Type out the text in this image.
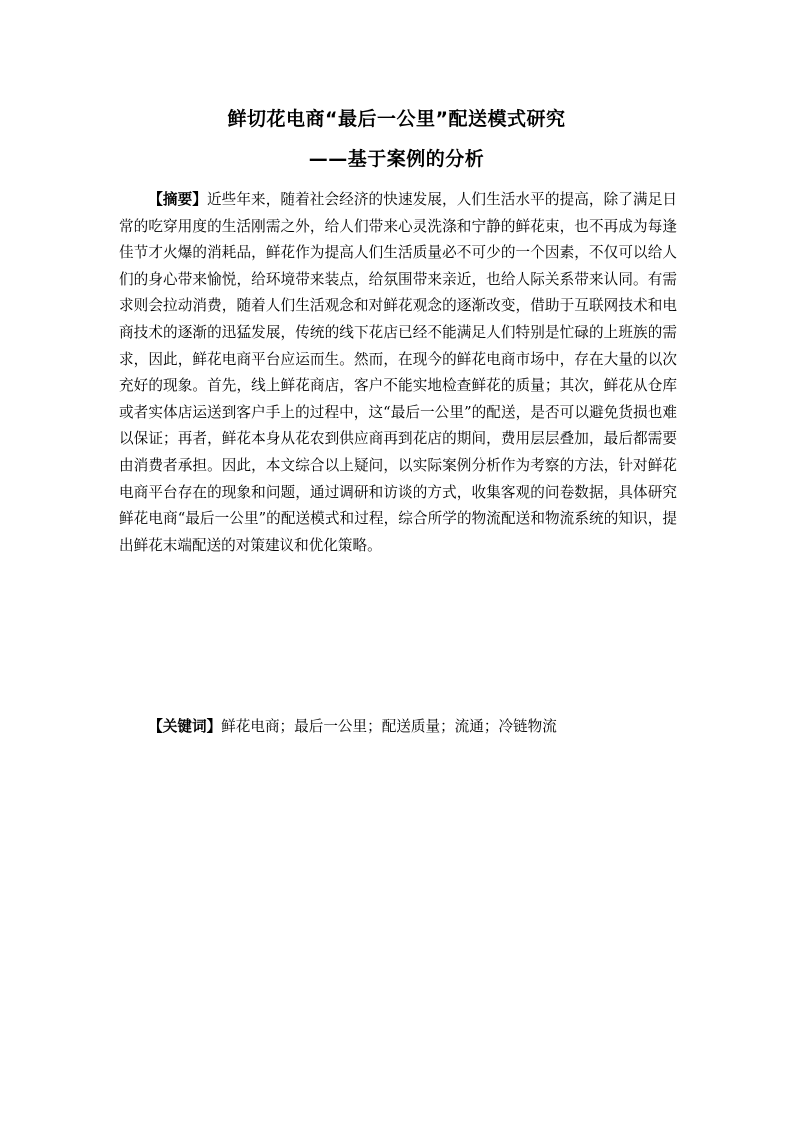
鲜切花电商“最后一公里”配送模式研究
——基于案例的分析

【摘要】近些年来，随着社会经济的快速发展，人们生活水平的提高，除了满足日常的吃穿用度的生活刚需之外，给人们带来心灵洗涤和宁静的鲜花束，也不再成为每逢佳节才火爆的消耗品，鲜花作为提高人们生活质量必不可少的一个因素，不仅可以给人们的身心带来愉悦，给环境带来装点，给氛围带来亲近，也给人际关系带来认同。有需求则会拉动消费，随着人们生活观念和对鲜花观念的逐渐改变，借助于互联网技术和电商技术的逐渐的迅猛发展，传统的线下花店已经不能满足人们特别是忙碌的上班族的需求，因此，鲜花电商平台应运而生。然而，在现今的鲜花电商市场中，存在大量的以次充好的现象。首先，线上鲜花商店，客户不能实地检查鲜花的质量；其次，鲜花从仓库或者实体店运送到客户手上的过程中，这“最后一公里”的配送，是否可以避免货损也难以保证；再者，鲜花本身从花农到供应商再到花店的期间，费用层层叠加，最后都需要由消费者承担。因此，本文综合以上疑问，以实际案例分析作为考察的方法，针对鲜花电商平台存在的现象和问题，通过调研和访谈的方式，收集客观的问卷数据，具体研究鲜花电商“最后一公里”的配送模式和过程，综合所学的物流配送和物流系统的知识，提出鲜花末端配送的对策建议和优化策略。

【关键词】鲜花电商；最后一公里；配送质量；流通；冷链物流
